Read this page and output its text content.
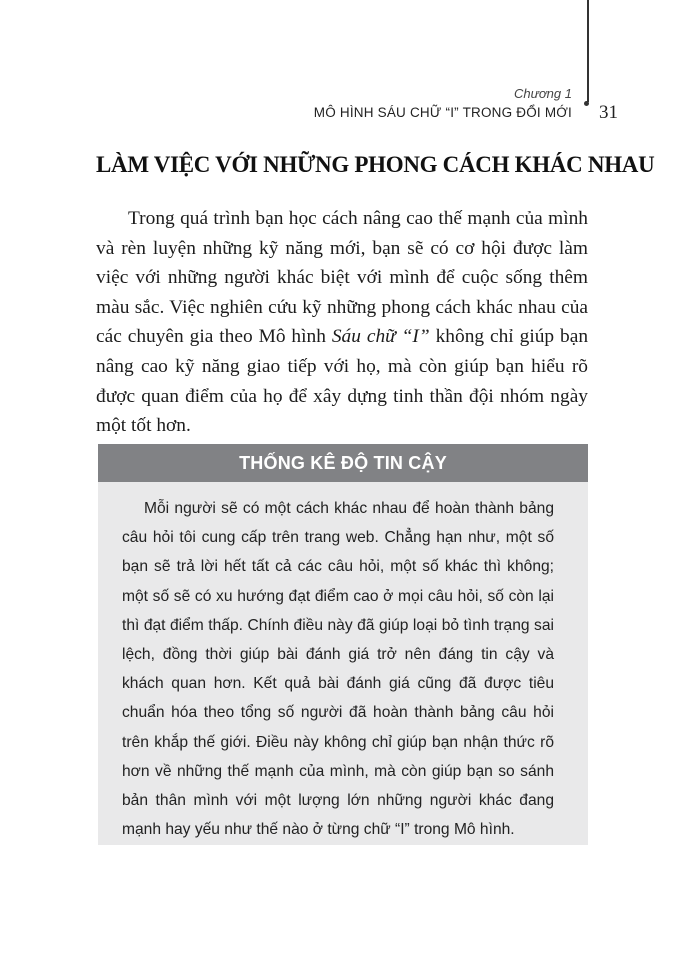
Chương 1
MÔ HÌNH SÁU CHỮ “I” TRONG ĐỔI MỚI 31
LÀM VIỆC VỚI NHỮNG PHONG CÁCH KHÁC NHAU

Trong quá trình bạn học cách nâng cao thế mạnh của mình và rèn luyện những kỹ năng mới, bạn sẽ có cơ hội được làm việc với những người khác biệt với mình để cuộc sống thêm màu sắc. Việc nghiên cứu kỹ những phong cách khác nhau của các chuyên gia theo Mô hình Sáu chữ “I” không chỉ giúp bạn nâng cao kỹ năng giao tiếp với họ, mà còn giúp bạn hiểu rõ được quan điểm của họ để xây dựng tinh thần đội nhóm ngày một tốt hơn.

THỐNG KÊ ĐỘ TIN CẬY

Mỗi người sẽ có một cách khác nhau để hoàn thành bảng câu hỏi tôi cung cấp trên trang web. Chẳng hạn như, một số bạn sẽ trả lời hết tất cả các câu hỏi, một số khác thì không; một số sẽ có xu hướng đạt điểm cao ở mọi câu hỏi, số còn lại thì đạt điểm thấp. Chính điều này đã giúp loại bỏ tình trạng sai lệch, đồng thời giúp bài đánh giá trở nên đáng tin cậy và khách quan hơn. Kết quả bài đánh giá cũng đã được tiêu chuẩn hóa theo tổng số người đã hoàn thành bảng câu hỏi trên khắp thế giới. Điều này không chỉ giúp bạn nhận thức rõ hơn về những thế mạnh của mình, mà còn giúp bạn so sánh bản thân mình với một lượng lớn những người khác đang mạnh hay yếu như thế nào ở từng chữ “I” trong Mô hình.
